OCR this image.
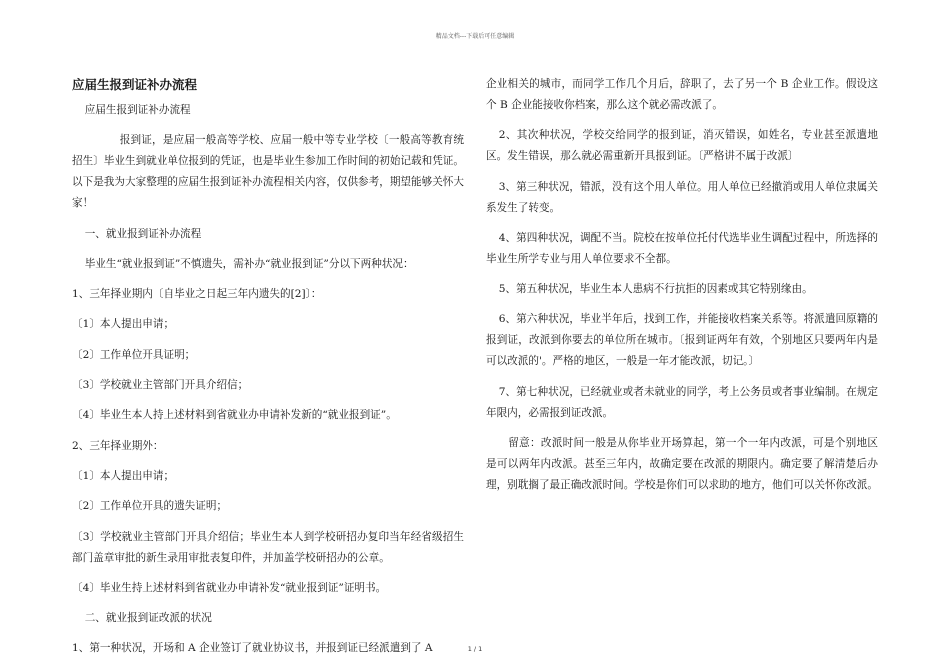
精品文档---下载后可任意编辑
应届生报到证补办流程

应届生报到证补办流程

报到证，是应届一般高等学校、应届一般中等专业学校〔一般高等教育统招生〕毕业生到就业单位报到的凭证，也是毕业生参加工作时间的初始记载和凭证。以下是我为大家整理的应届生报到证补办流程相关内容，仅供参考，期望能够关怀大家！

一、就业报到证补办流程

毕业生“就业报到证”不慎遗失，需补办“就业报到证”分以下两种状况：

1、三年择业期内〔自毕业之日起三年内遗失的[2]〕：

〔1〕本人提出申请；

〔2〕工作单位开具证明；

〔3〕学校就业主管部门开具介绍信；

〔4〕毕业生本人持上述材料到省就业办申请补发新的“就业报到证”。

2、三年择业期外：

〔1〕本人提出申请；

〔2〕工作单位开具的遗失证明；

〔3〕学校就业主管部门开具介绍信；毕业生本人到学校研招办复印当年经省级招生部门盖章审批的新生录用审批表复印件，并加盖学校研招办的公章。

〔4〕毕业生持上述材料到省就业办申请补发“就业报到证”证明书。

二、就业报到证改派的状况

1、第一种状况，开场和 A 企业签订了就业协议书，并报到证已经派遣到了 A

企业相关的城市，而同学工作几个月后，辞职了，去了另一个 B 企业工作。假设这个 B 企业能接收你档案，那么这个就必需改派了。

2、其次种状况，学校交给同学的报到证，消灭错误，如姓名，专业甚至派遣地区。发生错误，那么就必需重新开具报到证。〔严格讲不属于改派〕

3、第三种状况，错派，没有这个用人单位。用人单位已经撤消或用人单位隶属关系发生了转变。

4、第四种状况，调配不当。院校在按单位托付代选毕业生调配过程中，所选择的毕业生所学专业与用人单位要求不全都。

5、第五种状况，毕业生本人患病不行抗拒的因素或其它特别缘由。

6、第六种状况，毕业半年后，找到工作，并能接收档案关系等。将派遣回原籍的报到证，改派到你要去的单位所在城市。〔报到证两年有效，个别地区只要两年内是可以改派的'。严格的地区，一般是一年才能改派，切记。〕

7、第七种状况，已经就业或者未就业的同学，考上公务员或者事业编制。在规定年限内，必需报到证改派。

留意：改派时间一般是从你毕业开场算起，第一个一年内改派，可是个别地区是可以两年内改派。甚至三年内，故确定要在改派的期限内。确定要了解清楚后办理，别耽搁了最正确改派时间。学校是你们可以求助的地方，他们可以关怀你改派。

1 / 1
